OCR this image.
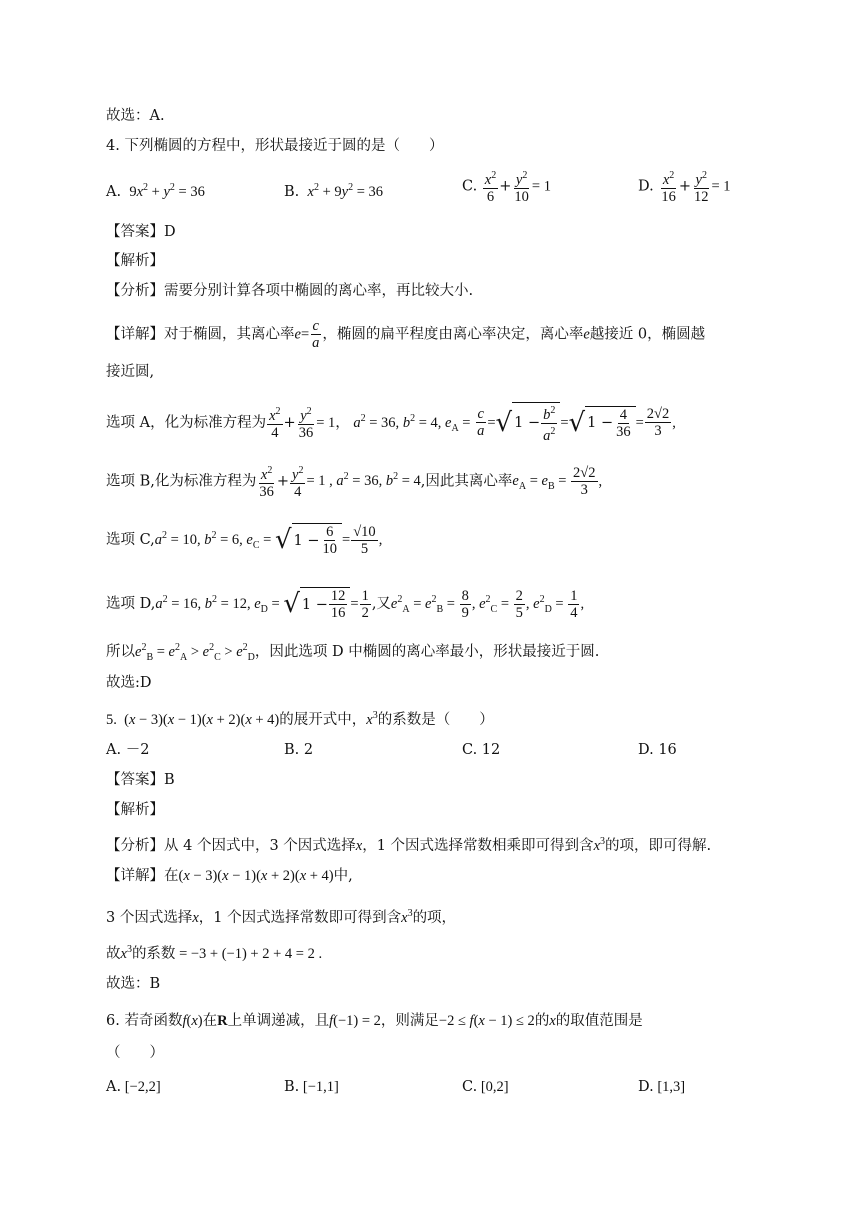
故选：A.
4. 下列椭圆的方程中，形状最接近于圆的是（　　）
A.  $9x^2 + y^2 = 36$	B. $x^2 + 9y^2 = 36$	C. $\frac{x^2}{6} + \frac{y^2}{10} = 1$	D. $\frac{x^2}{16} + \frac{y^2}{12} = 1$
【答案】D
【解析】
【分析】需要分别计算各项中椭圆的离心率，再比较大小.
【详解】对于椭圆，其离心率$e= \frac{c}{a}$ ，椭圆的扁平程度由离心率决定，离心率e越接近 0，椭圆越
接近圆,
选项 A，化为标准方程为 $\frac{x^2}{4} + \frac{y^2}{36} = 1$， $a^2 = 36$, $b^2 = 4$, $e_A = \frac{c}{a}$ = √ $1 - \frac{b^2}{a^2}$ = √ $1 - \frac{4}{36} = \frac{2√2}{3}$ ,
选项 B,化为标准方程为 $\frac{x^2}{36} + \frac{y^2}{4} = 1$ , $a^2 = 36$, $b^2 = 4$,因此其离心率$e_A = e_B = \frac{2√2}{3}$ ,
选项 $C,a^2 = 10$, $b^2 = 6$, $e_C$ = √ $1 - \frac{6}{10} = \frac{√10}{5}$ ,
选项 $D,a^2 = 16$, $b^2 = 12$, $e_D$ = √ $1 - \frac{12}{16} = \frac{1}{2}$ ,又$e^2_A = e^2_B = \frac{8}{9}$ , $e^2_C = \frac{2}{5}$ , $e^2_D = \frac{1}{4}$ ,
所以$e^2_B = e^2_A > e^2_C > e^2_D$，因此选项 D 中椭圆的离心率最小，形状最接近于圆.
故选:D
5.  (x − 3)(x − 1)(x + 2)(x + 4)的展开式中，$x^3$的系数是（　　）
A. －2	B. 2	C. 12	D. 16
【答案】B
【解析】
【分析】从 4 个因式中，3 个因式选择x，1 个因式选择常数相乘即可得到含$x^3$的项，即可得解.
【详解】在(x − 3)(x − 1)(x + 2)(x + 4)中,
3 个因式选择x，1 个因式选择常数即可得到含$x^3$的项，
故$x^3$的系数 = −3 + (−1) + 2 + 4 = 2 .
故选：B
6. 若奇函数f(x)在R上单调递减，且f(−1) = 2，则满足−2 ≤ f(x − 1) ≤ 2的x的取值范围是
（　　）
A. [−2,2]	B. [−1,1]	C. [0,2]	D. [1,3]
